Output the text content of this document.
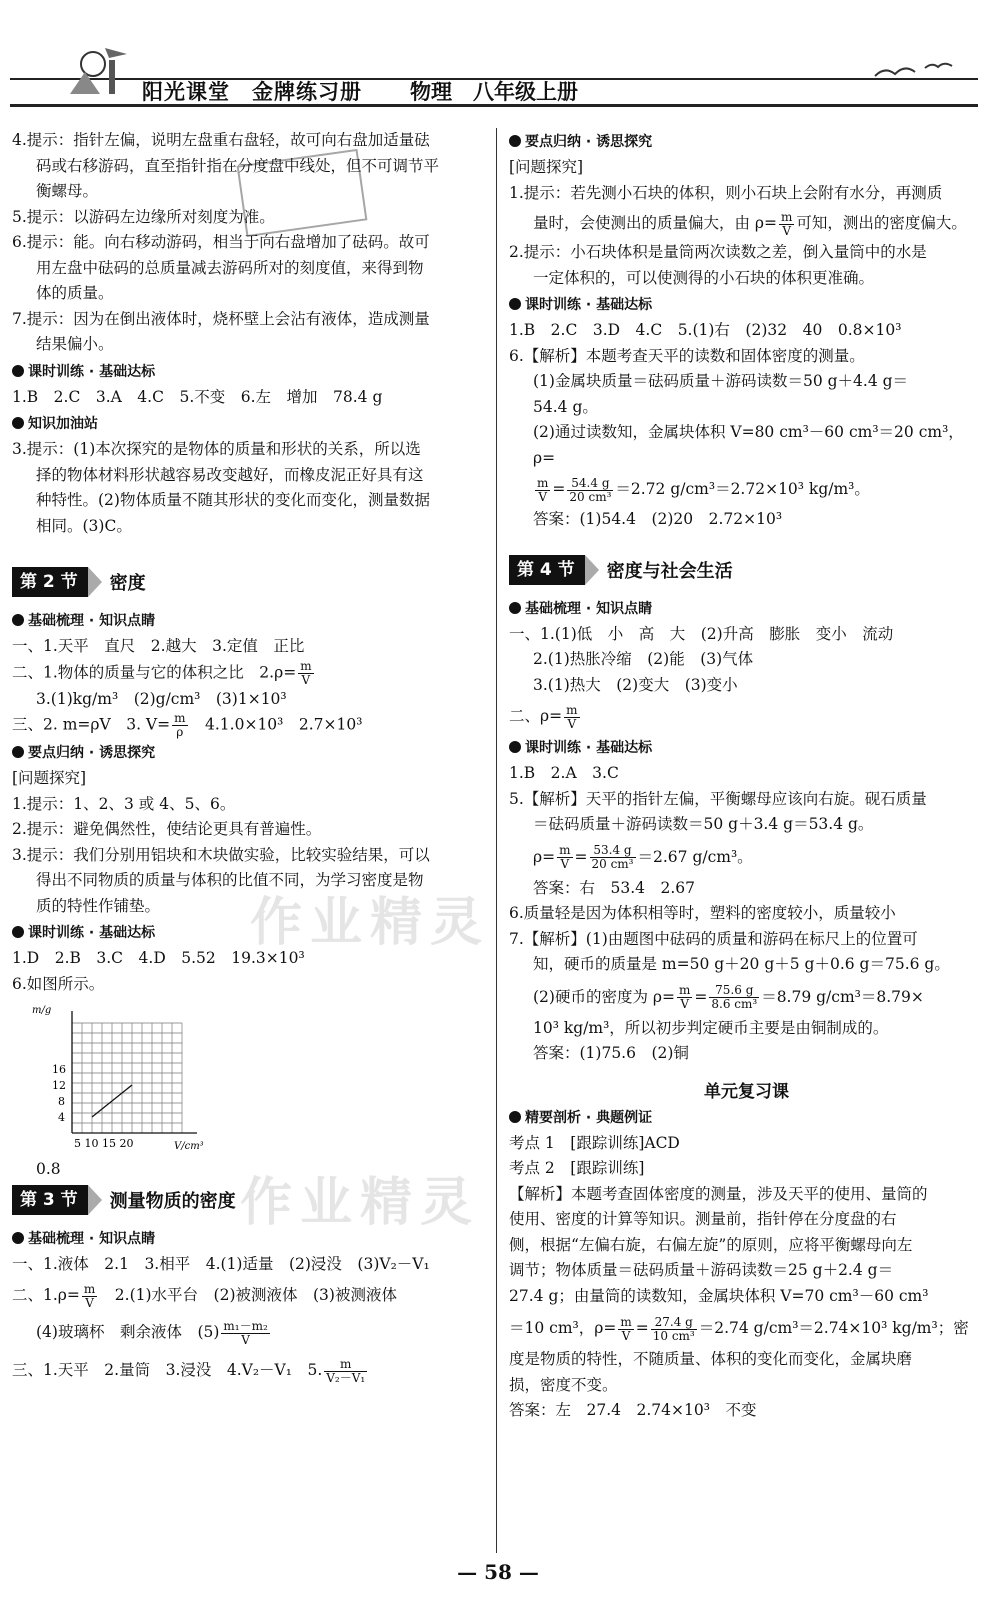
阳光课堂　金牌练习册 物理　八年级上册
作业精灵
作业精灵

4.提示：指针左偏，说明左盘重右盘轻，故可向右盘加适量砝

码或右移游码，直至指针指在分度盘中线处，但不可调节平

衡螺母。

5.提示：以游码左边缘所对刻度为准。

6.提示：能。向右移动游码，相当于向右盘增加了砝码。故可

用左盘中砝码的总质量减去游码所对的刻度值，来得到物

体的质量。

7.提示：因为在倒出液体时，烧杯壁上会沾有液体，造成测量

结果偏小。

课时训练 · 基础达标

1.B　2.C　3.A　4.C　5.不变　6.左　增加　78.4 g

知识加油站

3.提示：(1)本次探究的是物体的质量和形状的关系，所以选

择的物体材料形状越容易改变越好，而橡皮泥正好具有这

种特性。(2)物体质量不随其形状的变化而变化，测量数据

相同。(3)C。

第 2 节	密度
基础梳理 · 知识点睛

一、1.天平　直尺　2.越大　3.定值　正比

二、1.物体的质量与它的体积之比　$2.\rho= \frac{m}{V}$

3.(1)kg/m³　(2)g/cm³　(3)1×10³

三、2. m=ρV　3. $V= \frac{m}{\rho}$
　 4.1.0×10³　2.7×10³

要点归纳 · 诱思探究

[问题探究]

1.提示：1、2、3 或 4、5、6。

2.提示：避免偶然性，使结论更具有普遍性。

3.提示：我们分别用铝块和木块做实验，比较实验结果，可以

得出不同物质的质量与体积的比值不同，为学习密度是物

质的特性作铺垫。

课时训练 · 基础达标

1.D　2.B　3.C　4.D　5.52　19.3×10³

6.如图所示。

m/g
16
12
8
4
5 10 15 20	V/cm³

0.8

第 3 节	测量物质的密度
基础梳理 · 知识点睛

一、1.液体　2.1　3.相平　4.(1)适量　(2)浸没　(3)V₂－V₁

二、$1.\rho= \frac{m}{V}$
　 2.(1)水平台　(2)被测液体　(3)被测液体

(4)玻璃杯　剩余液体　$(5) \frac{\text{m₁－m₂}}{V}$

三、1.天平　2.量筒　3.浸没　4.V₂－V₁　5. $\frac{m}{\text{V₂－V₁}}$

要点归纳 · 诱思探究

[问题探究]

1.提示：若先测小石块的体积，则小石块上会附有水分，再测质

量时，会使测出的质量偏大，由 $\rho= \frac{m}{V}$ 可知，测出的密度偏大。

2.提示：小石块体积是量筒两次读数之差，倒入量筒中的水是

一定体积的，可以使测得的小石块的体积更准确。

课时训练 · 基础达标

1.B　2.C　3.D　4.C　5.(1)右　(2)32　40　0.8×10³

6.【解析】本题考查天平的读数和固体密度的测量。

(1)金属块质量＝砝码质量＋游码读数＝50 g＋4.4 g＝

54.4 g。

(2)通过读数知，金属块体积 V=80 cm³－60 cm³＝20 cm³，ρ=

$\frac{m}{V} = \frac{54.4 g}{\text{20 cm³}} =2.72$ g/cm³＝2.72×10³ kg/m³。

答案：(1)54.4　(2)20　2.72×10³

第 4 节	密度与社会生活
基础梳理 · 知识点睛

一、1.(1)低　小　高　大　(2)升高　膨胀　变小　流动

2.(1)热胀冷缩　(2)能　(3)气体

3.(1)热大　(2)变大　(3)变小

二、$\rho= \frac{m}{V}$

课时训练 · 基础达标

1.B　2.A　3.C

5.【解析】天平的指针左偏，平衡螺母应该向右旋。砚石质量

＝砝码质量＋游码读数＝50 g＋3.4 g＝53.4 g。

$\rho= \frac{m}{V} = \frac{53.4 g}{\text{20 cm³}} =2.67$ g/cm³。

答案：右　53.4　2.67

6.质量轻是因为体积相等时，塑料的密度较小，质量较小

7.【解析】(1)由题图中砝码的质量和游码在标尺上的位置可

知，硬币的质量是 m=50 g＋20 g＋5 g＋0.6 g＝75.6 g。

(2)硬币的密度为 $\rho= \frac{m}{V} = \frac{75.6 g}{\text{8.6 cm³}} =8.79$ g/cm³＝8.79×

10³ kg/m³，所以初步判定硬币主要是由铜制成的。

答案：(1)75.6　(2)铜

单元复习课
精要剖析 · 典题例证

考点 1　[跟踪训练]ACD

考点 2　[跟踪训练]

【解析】本题考查固体密度的测量，涉及天平的使用、量筒的

使用、密度的计算等知识。测量前，指针停在分度盘的右

侧，根据“左偏右旋，右偏左旋”的原则，应将平衡螺母向左

调节；物体质量＝砝码质量＋游码读数＝25 g＋2.4 g＝

27.4 g；由量筒的读数知，金属块体积 V=70 cm³－60 cm³

＝10 cm³，$\rho= \frac{m}{V} = \frac{27.4 g}{\text{10 cm³}} =2.74$ g/cm³＝2.74×10³ kg/m³；密

度是物质的特性，不随质量、体积的变化而变化，金属块磨

损，密度不变。

答案：左　27.4　2.74×10³　不变

— 58 —
